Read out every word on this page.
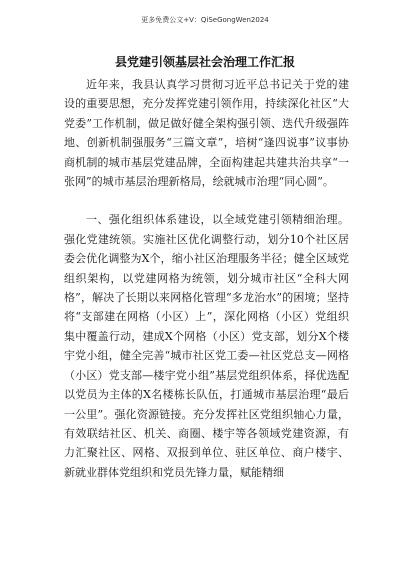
更多免费公文+V：QiSeGongWen2024
县党建引领基层社会治理工作汇报

近年来，我县认真学习贯彻习近平总书记关于党的建设的重要思想，充分发挥党建引领作用，持续深化社区“大党委”工作机制，做足做好健全架构强引领、迭代升级强阵地、创新机制强服务“三篇文章”，培树“逢四说事”议事协商机制的城市基层党建品牌，全面构建起共建共治共享“一张网”的城市基层治理新格局，绘就城市治理“同心圆”。

一、强化组织体系建设，以全域党建引领精细治理。强化党建统领。实施社区优化调整行动，划分10个社区居委会优化调整为X个，缩小社区治理服务半径；健全区域党组织架构，以党建网格为统领，划分城市社区“全科大网格”，解决了长期以来网格化管理“多龙治水”的困境；坚持将“支部建在网格（小区）上”，深化网格（小区）党组织集中覆盖行动，建成X个网格（小区）党支部，划分X个楼宇党小组，健全完善“城市社区党工委—社区党总支—网格（小区）党支部—楼宇党小组”基层党组织体系，择优选配以党员为主体的X名楼栋长队伍，打通城市基层治理“最后一公里”。强化资源链接。充分发挥社区党组织轴心力量，有效联结社区、机关、商圈、楼宇等各领域党建资源，有力汇聚社区、网格、双报到单位、驻区单位、商户楼宇、新就业群体党组织和党员先锋力量，赋能精细
